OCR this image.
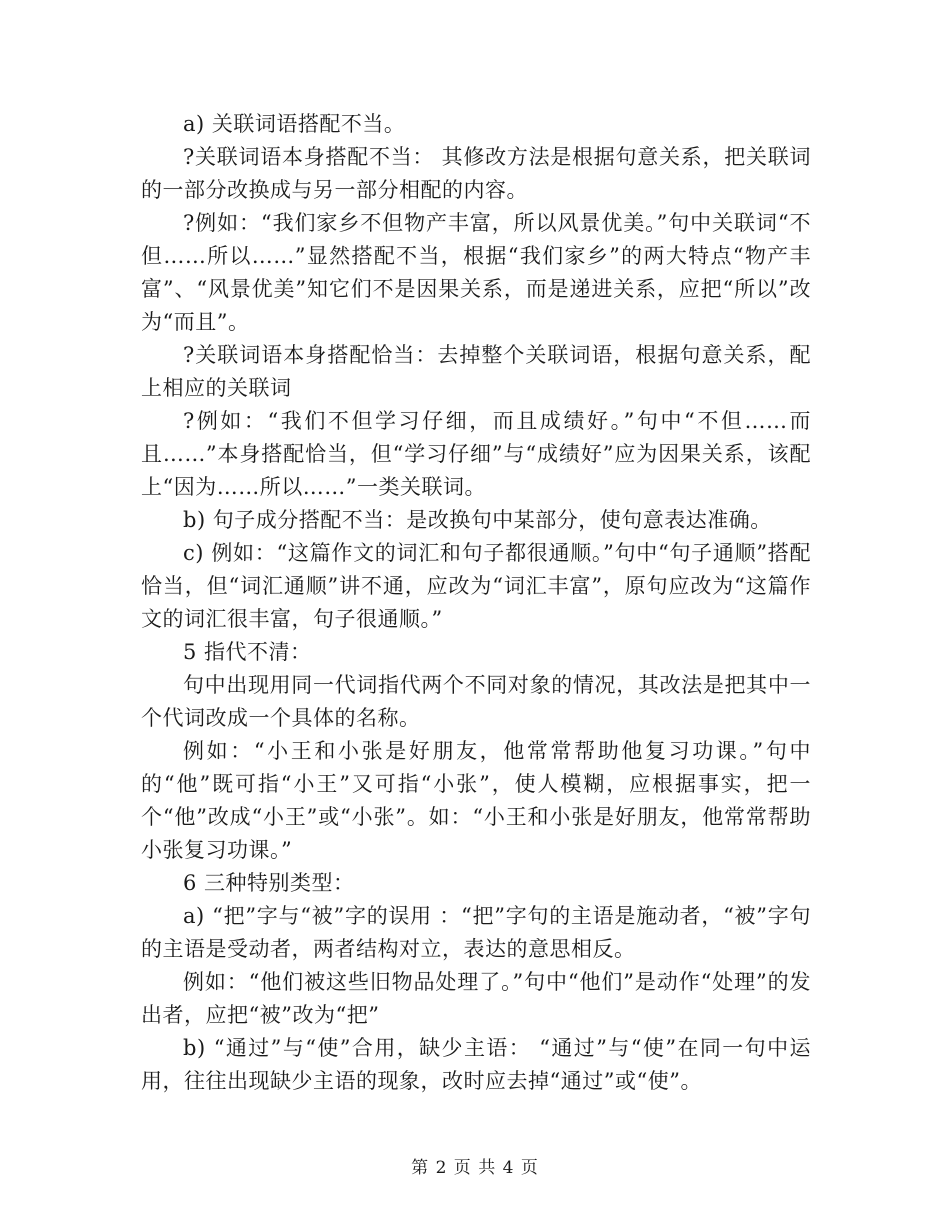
a) 关联词语搭配不当。

?关联词语本身搭配不当： 其修改方法是根据句意关系，把关联词的一部分改换成与另一部分相配的内容。

?例如：“我们家乡不但物产丰富，所以风景优美。”句中关联词“不但……所以……”显然搭配不当，根据“我们家乡”的两大特点“物产丰富”、“风景优美”知它们不是因果关系，而是递进关系，应把“所以”改为“而且”。

?关联词语本身搭配恰当：去掉整个关联词语，根据句意关系，配上相应的关联词

?例如：“我们不但学习仔细，而且成绩好。”句中“不但……而且……”本身搭配恰当，但“学习仔细”与“成绩好”应为因果关系，该配上“因为……所以……”一类关联词。

b) 句子成分搭配不当：是改换句中某部分，使句意表达准确。

c) 例如：“这篇作文的词汇和句子都很通顺。”句中“句子通顺”搭配恰当，但“词汇通顺”讲不通，应改为“词汇丰富”，原句应改为“这篇作文的词汇很丰富，句子很通顺。”

5 指代不清：

句中出现用同一代词指代两个不同对象的情况，其改法是把其中一个代词改成一个具体的名称。

例如：“小王和小张是好朋友，他常常帮助他复习功课。”句中的“他”既可指“小王”又可指“小张”，使人模糊，应根据事实，把一个“他”改成“小王”或“小张”。如：“小王和小张是好朋友，他常常帮助小张复习功课。”

6 三种特别类型：

a) “把”字与“被”字的误用 ：“把”字句的主语是施动者，“被”字句的主语是受动者，两者结构对立，表达的意思相反。

例如：“他们被这些旧物品处理了。”句中“他们”是动作“处理”的发出者，应把“被”改为“把”

b) “通过”与“使”合用，缺少主语： “通过”与“使”在同一句中运用，往往出现缺少主语的现象，改时应去掉“通过”或“使”。

第 2 页 共 4 页
